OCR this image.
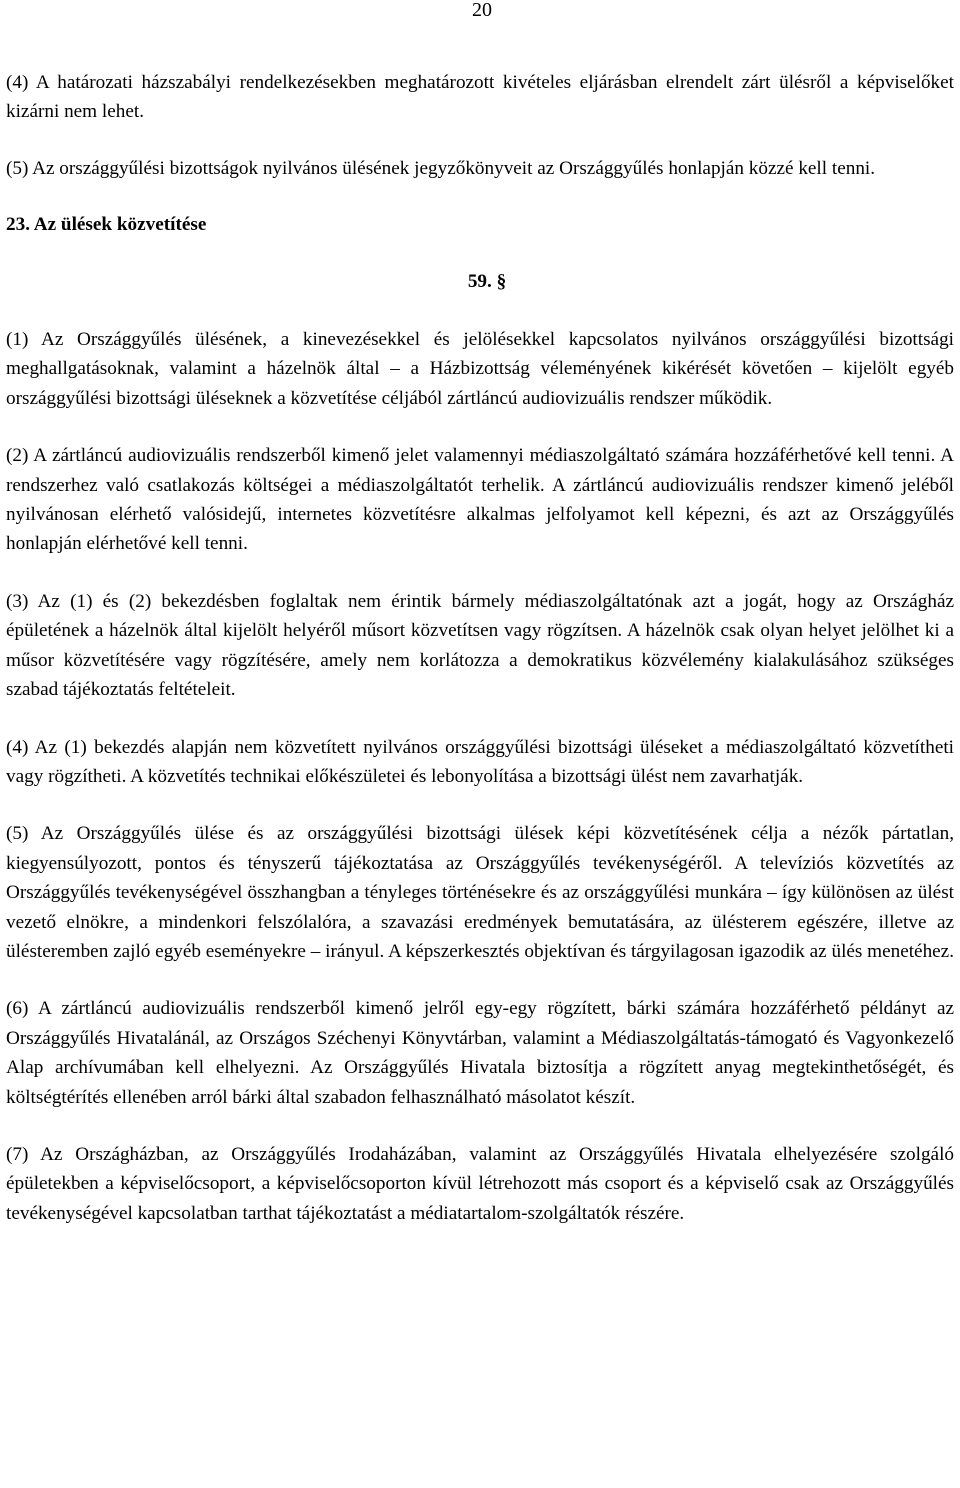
20

(4) A határozati házszabályi rendelkezésekben meghatározott kivételes eljárásban elrendelt zárt ülésről a képviselőket kizárni nem lehet.

(5) Az országgyűlési bizottságok nyilvános ülésének jegyzőkönyveit az Országgyűlés honlapján közzé kell tenni.

23. Az ülések közvetítése
59. §

(1) Az Országgyűlés ülésének, a kinevezésekkel és jelölésekkel kapcsolatos nyilvános országgyűlési bizottsági meghallgatásoknak, valamint a házelnök által – a Házbizottság véleményének kikérését követően – kijelölt egyéb országgyűlési bizottsági üléseknek a közvetítése céljából zártláncú audiovizuális rendszer működik.

(2) A zártláncú audiovizuális rendszerből kimenő jelet valamennyi médiaszolgáltató számára hozzáférhetővé kell tenni. A rendszerhez való csatlakozás költségei a médiaszolgáltatót terhelik. A zártláncú audiovizuális rendszer kimenő jeléből nyilvánosan elérhető valósidejű, internetes közvetítésre alkalmas jelfolyamot kell képezni, és azt az Országgyűlés honlapján elérhetővé kell tenni.

(3) Az (1) és (2) bekezdésben foglaltak nem érintik bármely médiaszolgáltatónak azt a jogát, hogy az Országház épületének a házelnök által kijelölt helyéről műsort közvetítsen vagy rögzítsen. A házelnök csak olyan helyet jelölhet ki a műsor közvetítésére vagy rögzítésére, amely nem korlátozza a demokratikus közvélemény kialakulásához szükséges szabad tájékoztatás feltételeit.

(4) Az (1) bekezdés alapján nem közvetített nyilvános országgyűlési bizottsági üléseket a médiaszolgáltató közvetítheti vagy rögzítheti. A közvetítés technikai előkészületei és lebonyolítása a bizottsági ülést nem zavarhatják.

(5) Az Országgyűlés ülése és az országgyűlési bizottsági ülések képi közvetítésének célja a nézők pártatlan, kiegyensúlyozott, pontos és tényszerű tájékoztatása az Országgyűlés tevékenységéről. A televíziós közvetítés az Országgyűlés tevékenységével összhangban a tényleges történésekre és az országgyűlési munkára – így különösen az ülést vezető elnökre, a mindenkori felszólalóra, a szavazási eredmények bemutatására, az ülésterem egészére, illetve az ülésteremben zajló egyéb eseményekre – irányul. A képszerkesztés objektívan és tárgyilagosan igazodik az ülés menetéhez.

(6) A zártláncú audiovizuális rendszerből kimenő jelről egy-egy rögzített, bárki számára hozzáférhető példányt az Országgyűlés Hivatalánál, az Országos Széchenyi Könyvtárban, valamint a Médiaszolgáltatás-támogató és Vagyonkezelő Alap archívumában kell elhelyezni. Az Országgyűlés Hivatala biztosítja a rögzített anyag megtekinthetőségét, és költségtérítés ellenében arról bárki által szabadon felhasználható másolatot készít.

(7) Az Országházban, az Országgyűlés Irodaházában, valamint az Országgyűlés Hivatala elhelyezésére szolgáló épületekben a képviselőcsoport, a képviselőcsoporton kívül létrehozott más csoport és a képviselő csak az Országgyűlés tevékenységével kapcsolatban tarthat tájékoztatást a médiatartalom-szolgáltatók részére.
